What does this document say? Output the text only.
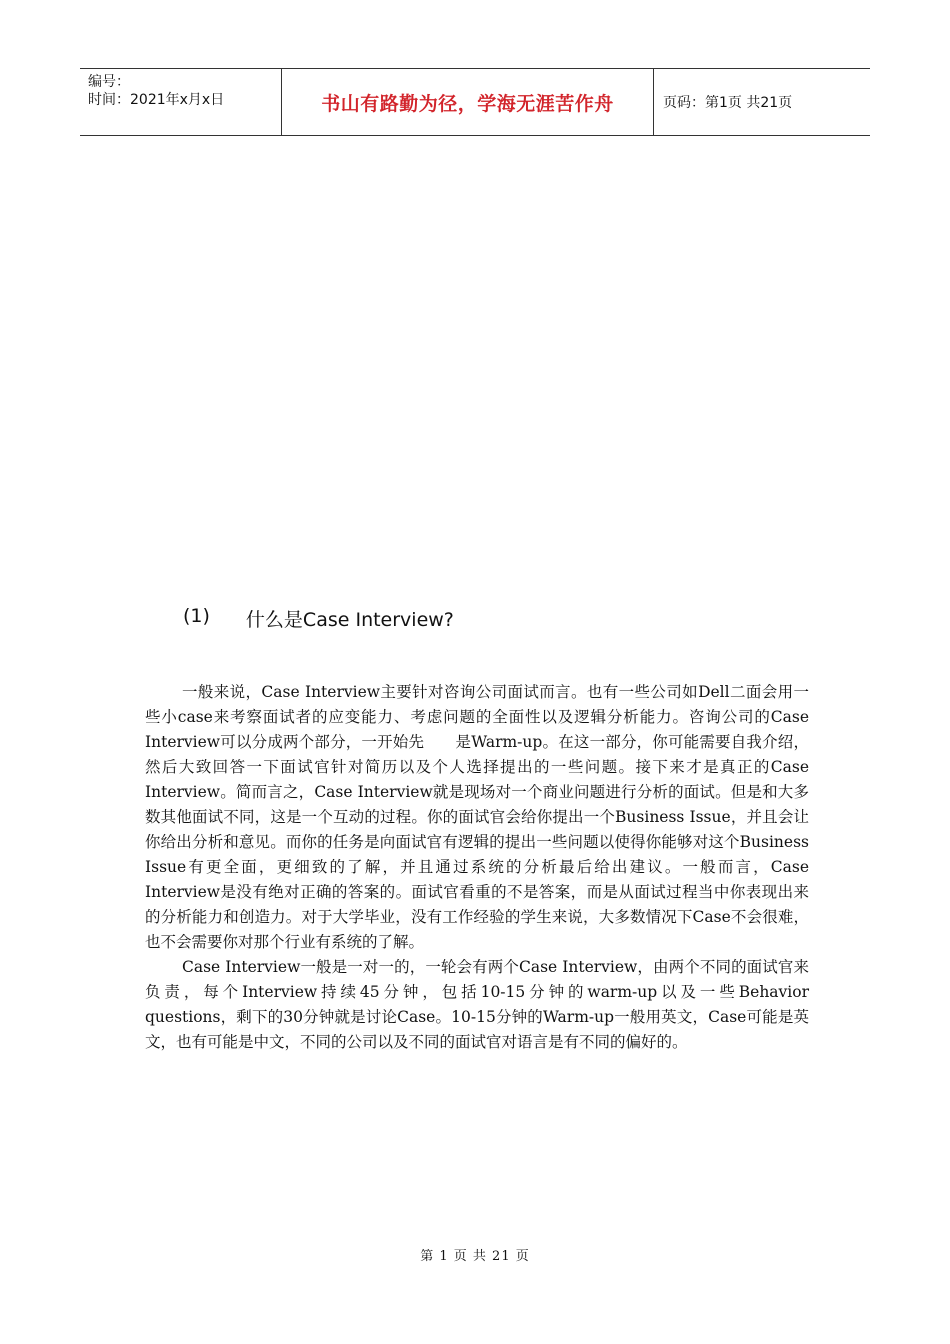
编号：
时间：2021年x月x日	书山有路勤为径，学海无涯苦作舟	页码：第1页 共21页
(1) 什么是Case Interview?

一般来说，Case Interview主要针对咨询公司面试而言。也有一些公司如Dell二面会用一些小case来考察面试者的应变能力、考虑问题的全面性以及逻辑分析能力。咨询公司的Case Interview可以分成两个部分，一开始先　　是Warm-up。在这一部分，你可能需要自我介绍，然后大致回答一下面试官针对简历以及个人选择提出的一些问题。接下来才是真正的Case Interview。简而言之，Case Interview就是现场对一个商业问题进行分析的面试。但是和大多数其他面试不同，这是一个互动的过程。你的面试官会给你提出一个Business Issue，并且会让你给出分析和意见。而你的任务是向面试官有逻辑的提出一些问题以使得你能够对这个Business Issue有更全面，更细致的了解，并且通过系统的分析最后给出建议。一般而言，Case Interview是没有绝对正确的答案的。面试官看重的不是答案，而是从面试过程当中你表现出来的分析能力和创造力。对于大学毕业，没有工作经验的学生来说，大多数情况下Case不会很难，也不会需要你对那个行业有系统的了解。

Case Interview一般是一对一的，一轮会有两个Case Interview，由两个不同的面试官来负责，每个Interview持续45分钟，包括10-15分钟的warm-up以及一些Behavior questions，剩下的30分钟就是讨论Case。10-15分钟的Warm-up一般用英文，Case可能是英文，也有可能是中文，不同的公司以及不同的面试官对语言是有不同的偏好的。

第 1 页 共 21 页
